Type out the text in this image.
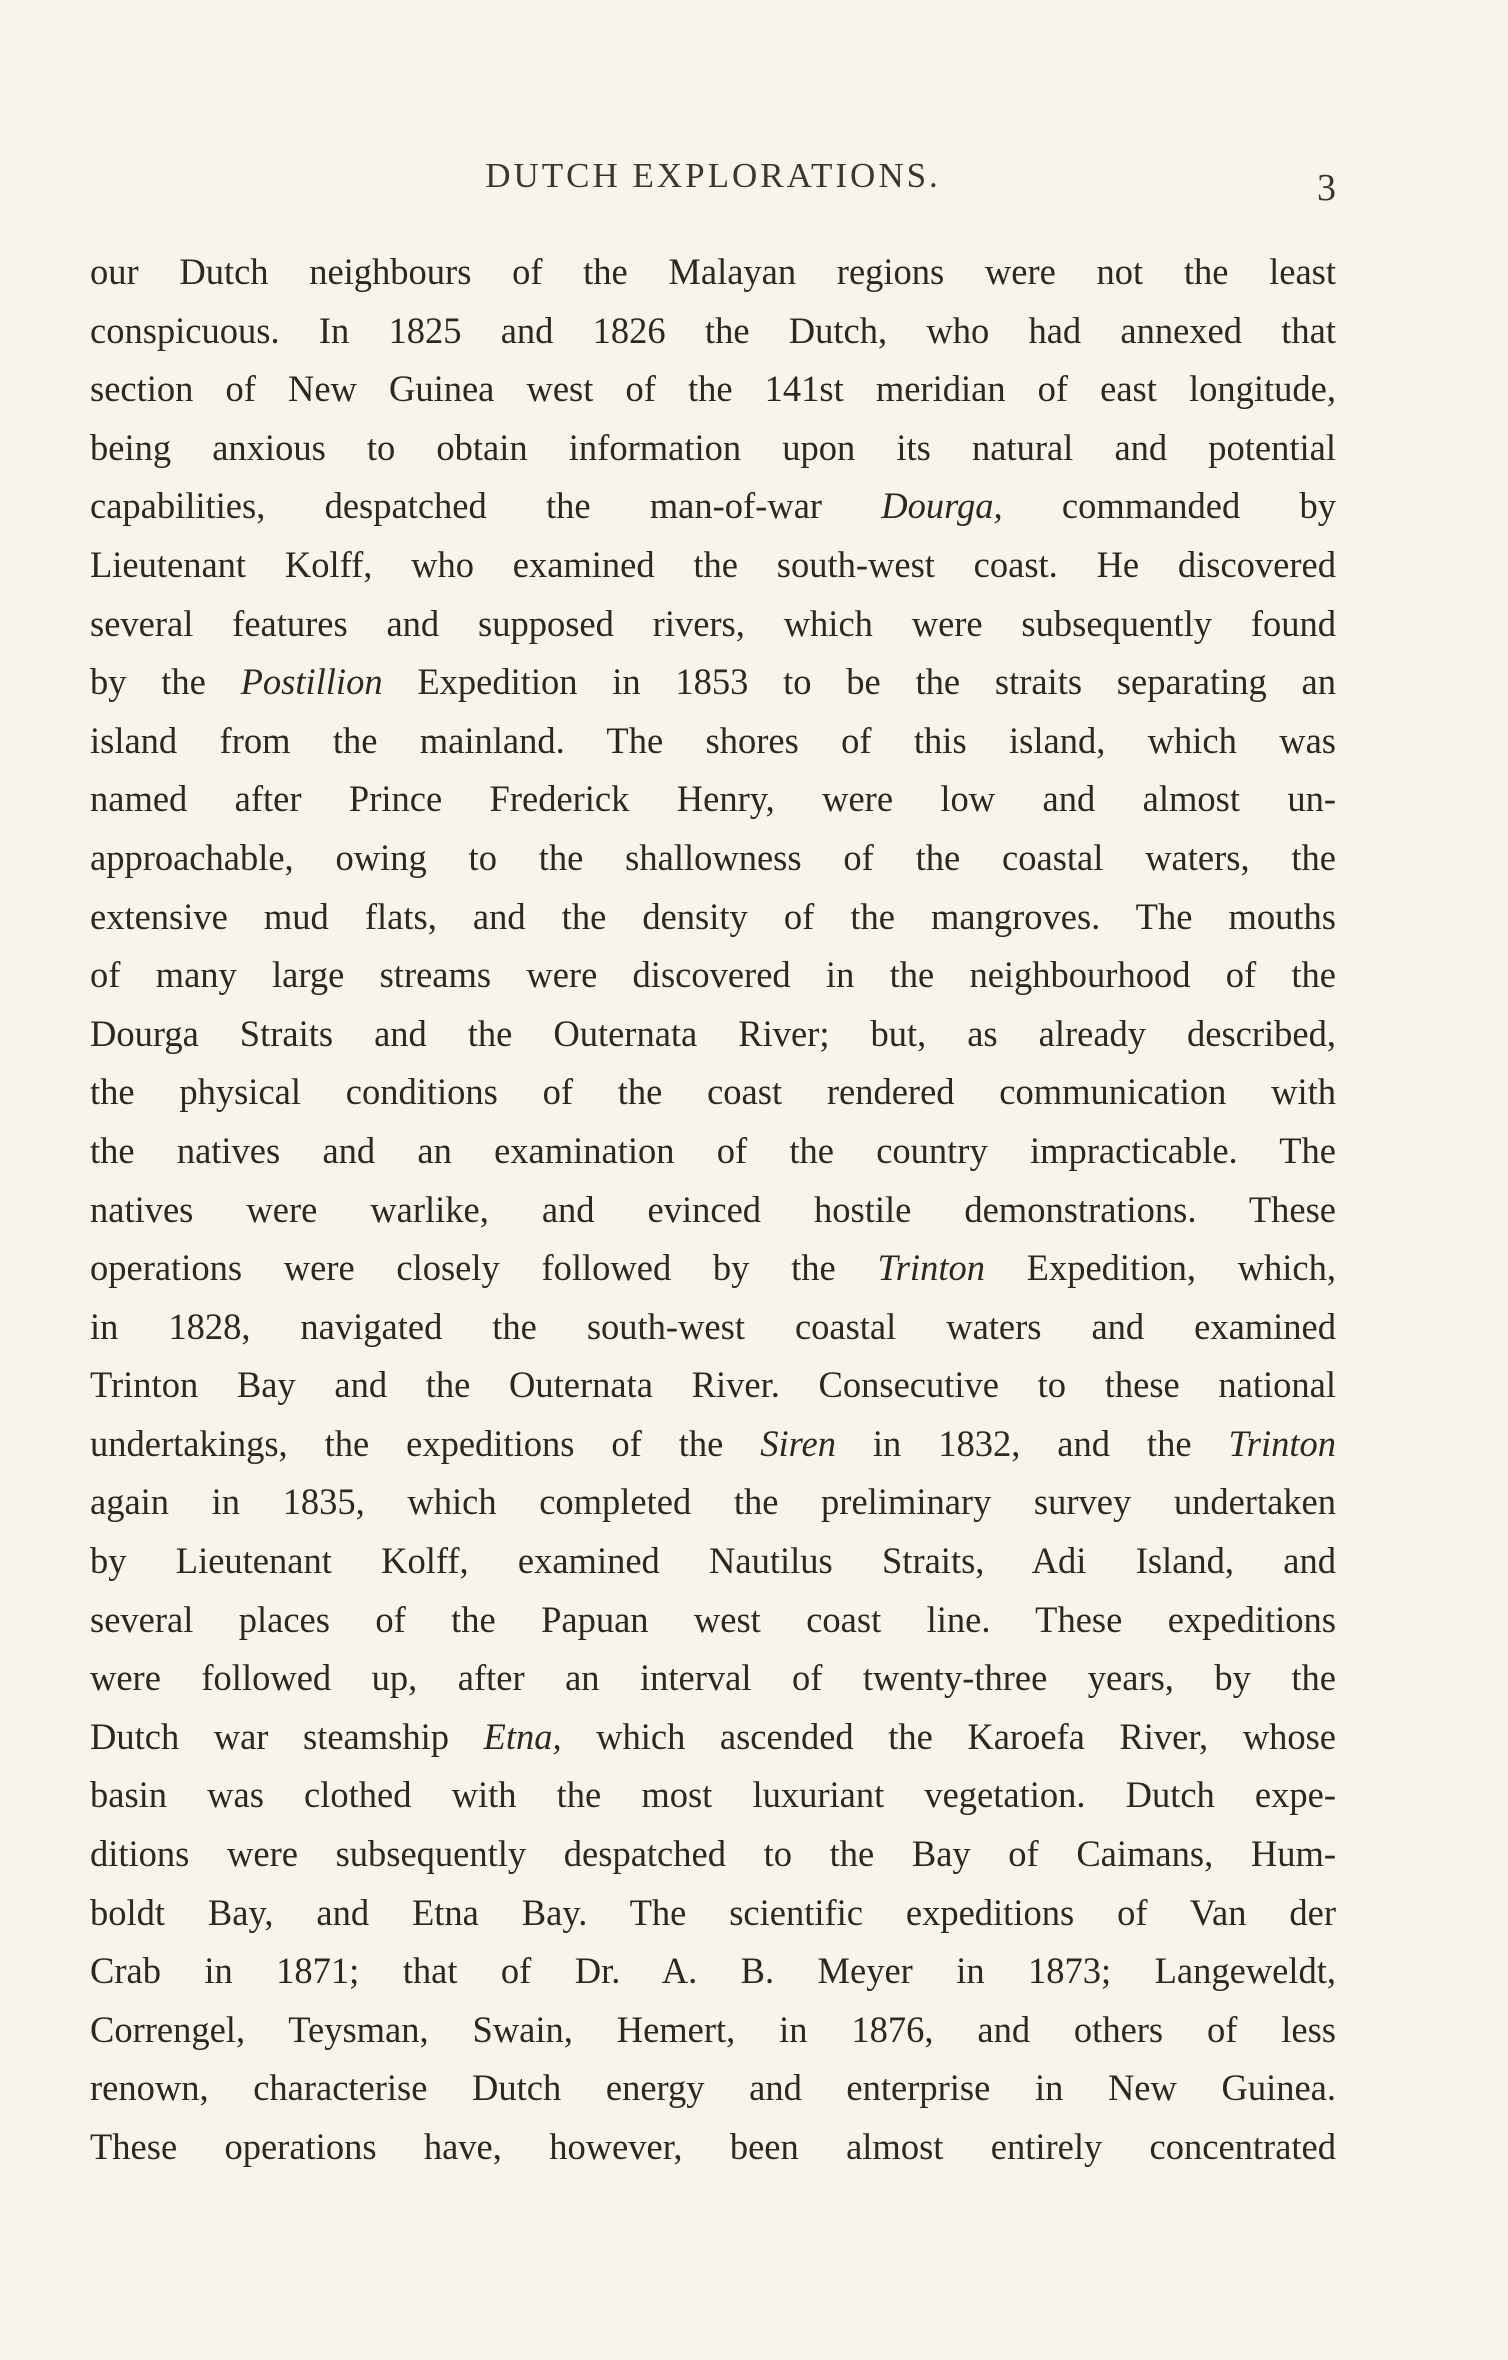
DUTCH EXPLORATIONS.	3
our Dutch neighbours of the Malayan regions were not the least
conspicuous. In 1825 and 1826 the Dutch, who had annexed that
section of New Guinea west of the 141st meridian of east longitude,
being anxious to obtain information upon its natural and potential
capabilities, despatched the man-of-war Dourga, commanded by
Lieutenant Kolff, who examined the south-west coast. He discovered
several features and supposed rivers, which were subsequently found
by the Postillion Expedition in 1853 to be the straits separating an
island from the mainland. The shores of this island, which was
named after Prince Frederick Henry, were low and almost un-
approachable, owing to the shallowness of the coastal waters, the
extensive mud flats, and the density of the mangroves. The mouths
of many large streams were discovered in the neighbourhood of the
Dourga Straits and the Outernata River; but, as already described,
the physical conditions of the coast rendered communication with
the natives and an examination of the country impracticable. The
natives were warlike, and evinced hostile demonstrations. These
operations were closely followed by the Trinton Expedition, which,
in 1828, navigated the south-west coastal waters and examined
Trinton Bay and the Outernata River. Consecutive to these national
undertakings, the expeditions of the Siren in 1832, and the Trinton
again in 1835, which completed the preliminary survey undertaken
by Lieutenant Kolff, examined Nautilus Straits, Adi Island, and
several places of the Papuan west coast line. These expeditions
were followed up, after an interval of twenty-three years, by the
Dutch war steamship Etna, which ascended the Karoefa River, whose
basin was clothed with the most luxuriant vegetation. Dutch expe-
ditions were subsequently despatched to the Bay of Caimans, Hum-
boldt Bay, and Etna Bay. The scientific expeditions of Van der
Crab in 1871; that of Dr. A. B. Meyer in 1873; Langeweldt,
Correngel, Teysman, Swain, Hemert, in 1876, and others of less
renown, characterise Dutch energy and enterprise in New Guinea.
These operations have, however, been almost entirely concentrated
